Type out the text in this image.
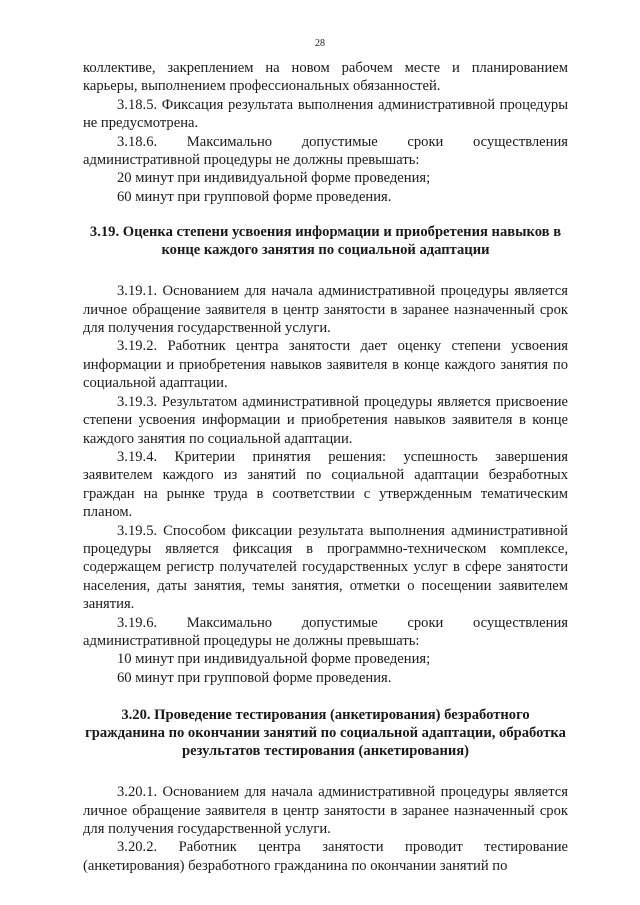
28

коллективе, закреплением на новом рабочем месте и планированием карьеры, выполнением профессиональных обязанностей.

3.18.5. Фиксация результата выполнения административной процедуры не предусмотрена.

3.18.6. Максимально допустимые сроки осуществления административной процедуры не должны превышать:

20 минут при индивидуальной форме проведения;

60 минут при групповой форме проведения.

3.19. Оценка степени усвоения информации и приобретения навыков в конце каждого занятия по социальной адаптации

3.19.1. Основанием для начала административной процедуры является личное обращение заявителя в центр занятости в заранее назначенный срок для получения государственной услуги.

3.19.2. Работник центра занятости дает оценку степени усвоения информации и приобретения навыков заявителя в конце каждого занятия по социальной адаптации.

3.19.3. Результатом административной процедуры является присвоение степени усвоения информации и приобретения навыков заявителя в конце каждого занятия по социальной адаптации.

3.19.4. Критерии принятия решения: успешность завершения заявителем каждого из занятий по социальной адаптации безработных граждан на рынке труда в соответствии с утвержденным тематическим планом.

3.19.5. Способом фиксации результата выполнения административной процедуры является фиксация в программно-техническом комплексе, содержащем регистр получателей государственных услуг в сфере занятости населения, даты занятия, темы занятия, отметки о посещении заявителем занятия.

3.19.6. Максимально допустимые сроки осуществления административной процедуры не должны превышать:

10 минут при индивидуальной форме проведения;

60 минут при групповой форме проведения.

3.20. Проведение тестирования (анкетирования) безработного гражданина по окончании занятий по социальной адаптации, обработка результатов тестирования (анкетирования)

3.20.1. Основанием для начала административной процедуры является личное обращение заявителя в центр занятости в заранее назначенный срок для получения государственной услуги.

3.20.2. Работник центра занятости проводит тестирование (анкетирования) безработного гражданина по окончании занятий по
